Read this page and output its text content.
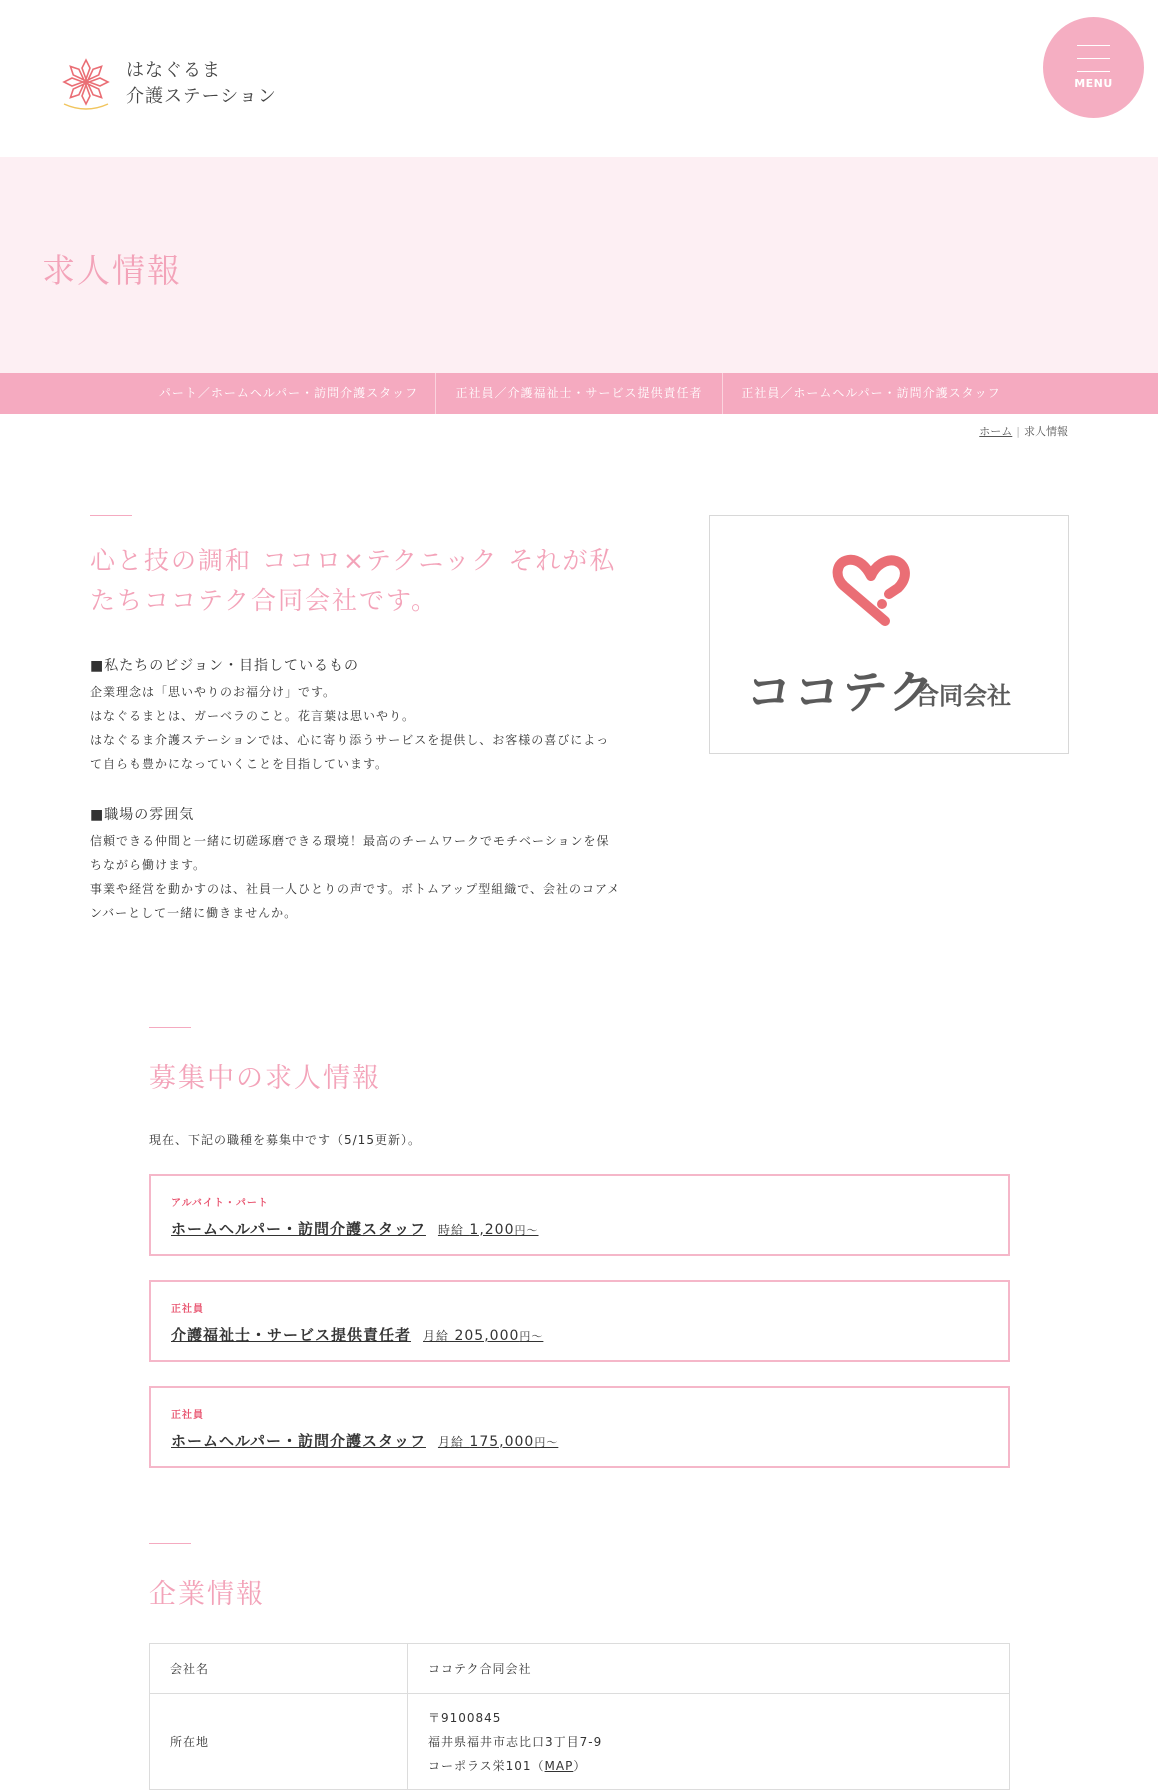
はなぐるま
介護ステーション
MENU
求人情報
パート／ホームヘルパー・訪問介護スタッフ	正社員／介護福祉士・サービス提供責任者	正社員／ホームヘルパー・訪問介護スタッフ
ホーム | 求人情報
心と技の調和 ココロ×テクニック それが私
たちココテク合同会社です。
■私たちのビジョン・目指しているもの
企業理念は「思いやりのお福分け」です。
はなぐるまとは、ガーベラのこと。花言葉は思いやり。
はなぐるま介護ステーションでは、心に寄り添うサービスを提供し、お客様の喜びによっ
て自らも豊かになっていくことを目指しています。
■職場の雰囲気
信頼できる仲間と一緒に切磋琢磨できる環境！最高のチームワークでモチベーションを保
ちながら働けます。
事業や経営を動かすのは、社員一人ひとりの声です。ボトムアップ型組織で、会社のコアメ
ンバーとして一緒に働きませんか。
ココテク
合同会社
募集中の求人情報
現在、下記の職種を募集中です（5/15更新）。
アルバイト・パート
ホームヘルパー・訪問介護スタッフ 時給 1,200円〜
正社員
介護福祉士・サービス提供責任者 月給 205,000円〜
正社員
ホームヘルパー・訪問介護スタッフ 月給 175,000円〜
企業情報
会社名	ココテク合同会社
所在地	〒9100845
福井県福井市志比口3丁目7-9
コーポラス栄101（MAP）
